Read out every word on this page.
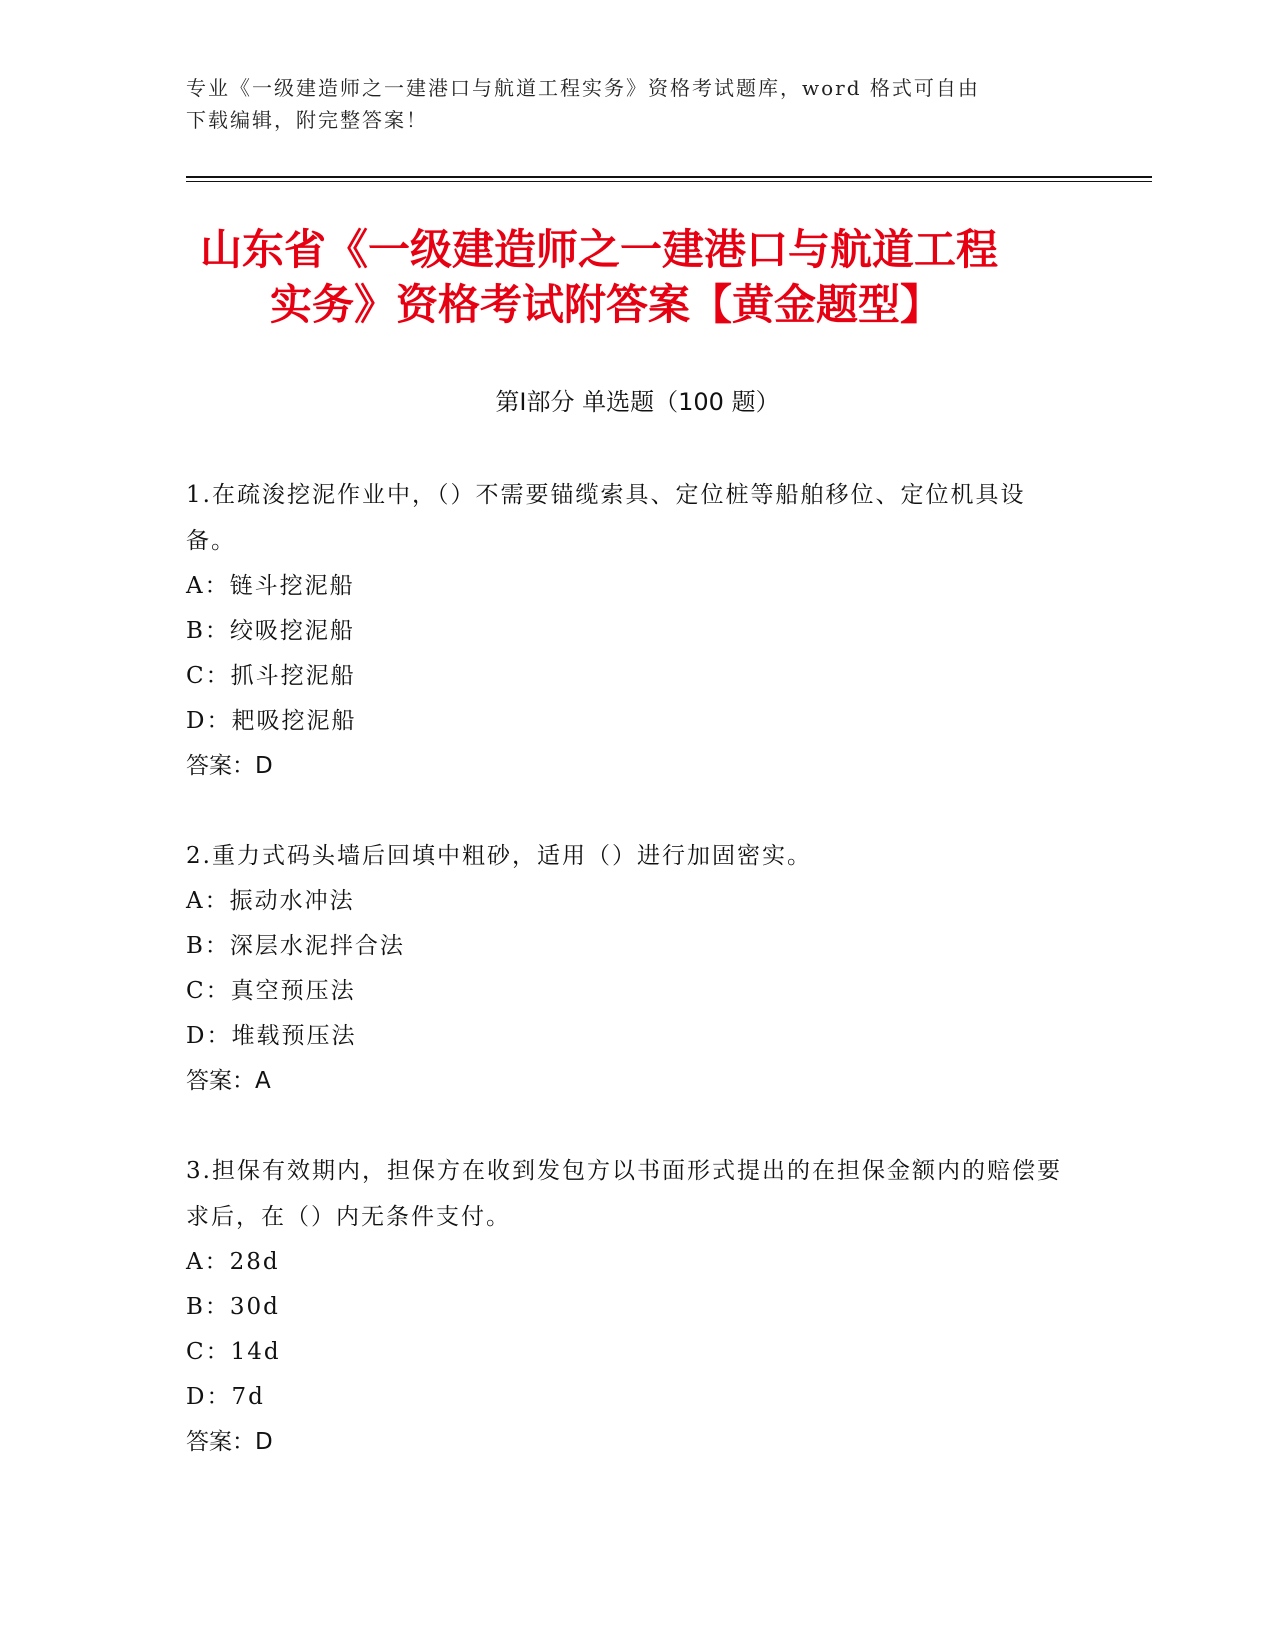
专业《一级建造师之一建港口与航道工程实务》资格考试题库，word 格式可自由
下载编辑，附完整答案！
山东省《一级建造师之一建港口与航道工程
实务》资格考试附答案【黄金题型】
第Ⅰ部分 单选题（100 题）
1.在疏浚挖泥作业中，（）不需要锚缆索具、定位桩等船舶移位、定位机具设备。
A：链斗挖泥船
B：绞吸挖泥船
C：抓斗挖泥船
D：耙吸挖泥船
答案：D
2.重力式码头墙后回填中粗砂，适用（）进行加固密实。
A：振动水冲法
B：深层水泥拌合法
C：真空预压法
D：堆载预压法
答案：A
3.担保有效期内，担保方在收到发包方以书面形式提出的在担保金额内的赔偿要求后，在（）内无条件支付。
A：28d
B：30d
C：14d
D：7d
答案：D
